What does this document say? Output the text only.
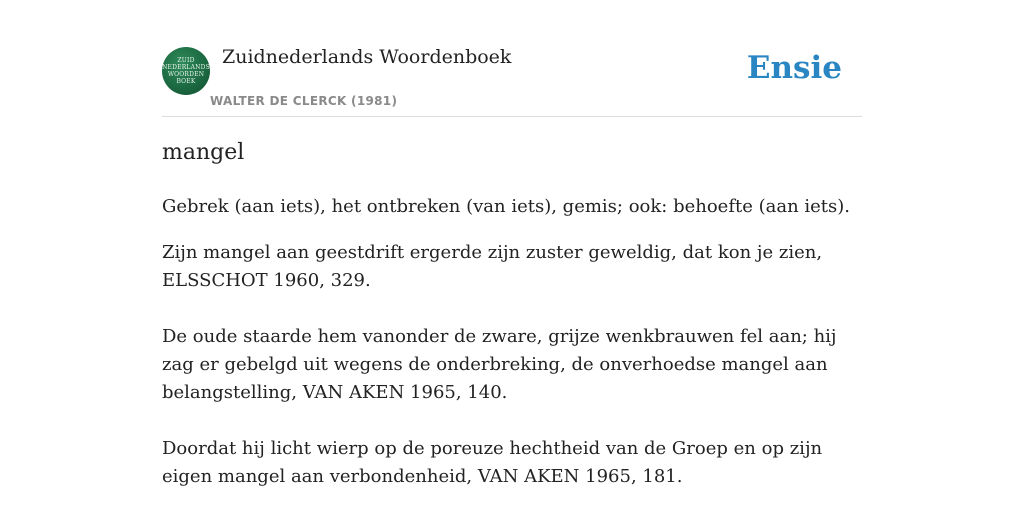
ZUID
NEDERLANDS
WOORDEN
BOEK
Zuidnederlands Woordenboek
WALTER DE CLERCK (1981)
Ensie
mangel
Gebrek (aan iets), het ontbreken (van iets), gemis; ook: behoefte (aan iets).

Zijn mangel aan geestdrift ergerde zijn zuster geweldig, dat kon je zien, ELSSCHOT 1960, 329.

De oude staarde hem vanonder de zware, grijze wenkbrauwen fel aan; hij zag er gebelgd uit wegens de onderbreking, de onverhoedse mangel aan belangstelling, VAN AKEN 1965, 140.

Doordat hij licht wierp op de poreuze hechtheid van de Groep en op zijn eigen mangel aan verbondenheid, VAN AKEN 1965, 181.
